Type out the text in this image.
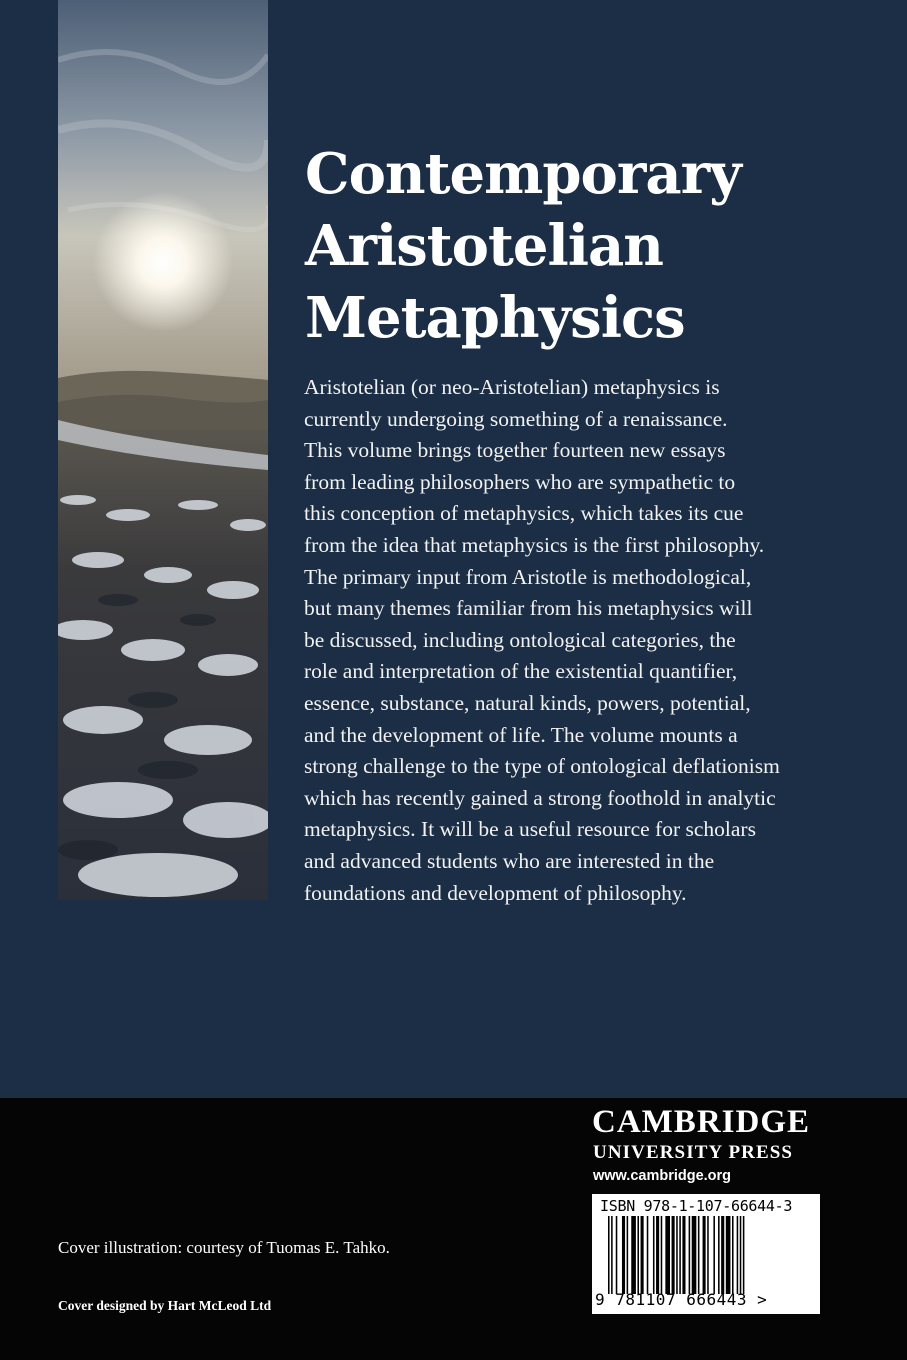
Contemporary
Aristotelian
Metaphysics

Aristotelian (or neo-Aristotelian) metaphysics is
currently undergoing something of a renaissance.
This volume brings together fourteen new essays
from leading philosophers who are sympathetic to
this conception of metaphysics, which takes its cue
from the idea that metaphysics is the first philosophy.
The primary input from Aristotle is methodological,
but many themes familiar from his metaphysics will
be discussed, including ontological categories, the
role and interpretation of the existential quantifier,
essence, substance, natural kinds, powers, potential,
and the development of life. The volume mounts a
strong challenge to the type of ontological deflationism
which has recently gained a strong foothold in analytic
metaphysics. It will be a useful resource for scholars
and advanced students who are interested in the
foundations and development of philosophy.

Cover illustration: courtesy of Tuomas E. Tahko.
Cover designed by Hart McLeod Ltd
CAMBRIDGE
UNIVERSITY PRESS
www.cambridge.org
ISBN 978-1-107-66644-3
9 781107 666443 >
